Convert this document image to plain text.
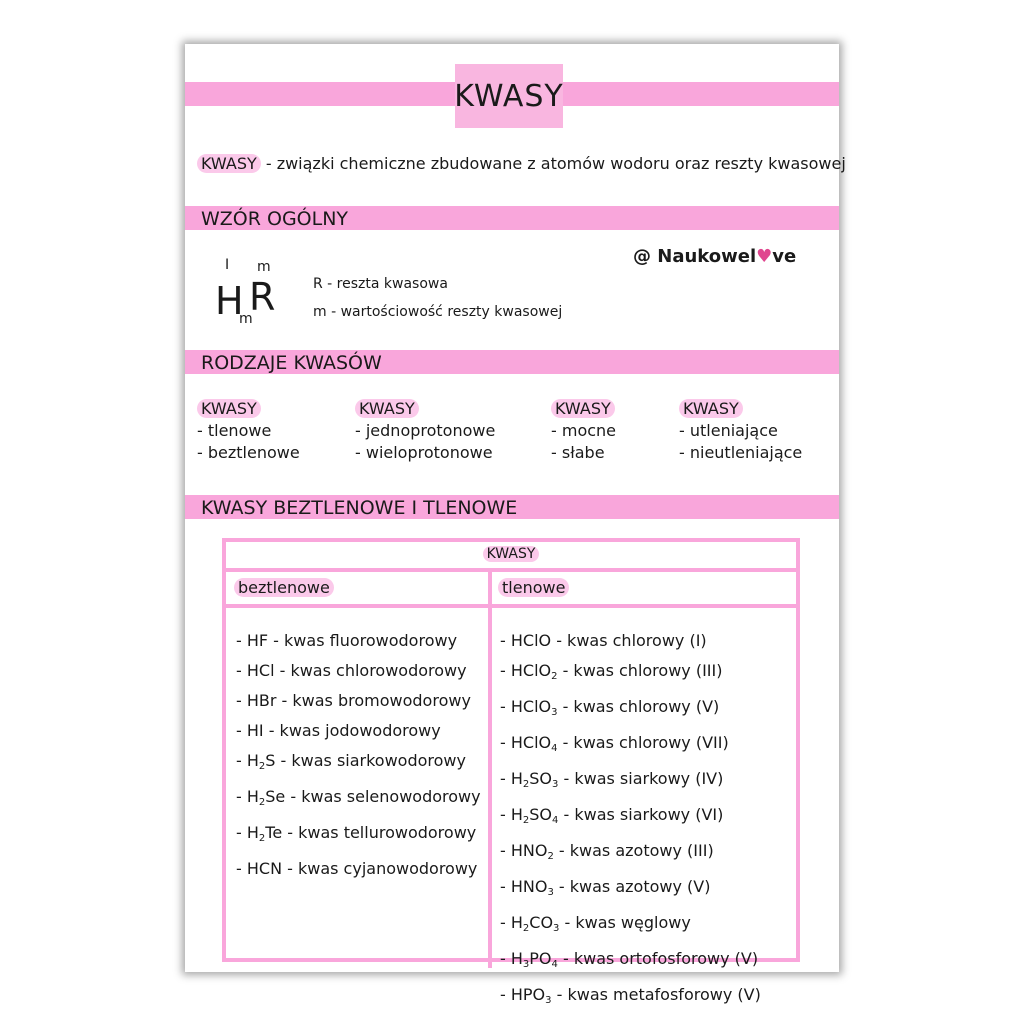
KWASY
KWASY - związki chemiczne zbudowane z atomów wodoru oraz reszty kwasowej
WZÓR OGÓLNY
I m
H
m
R	R - reszta kwasowa
m - wartościowość reszty kwasowej
@ Naukowel♥ve
RODZAJE KWASÓW
KWASY
- tlenowe
- beztlenowe
KWASY
- jednoprotonowe
- wieloprotonowe
KWASY
- mocne
- słabe
KWASY
- utleniające
- nieutleniające
KWASY BEZTLENOWE I TLENOWE
KWASY
beztlenowe	tlenowe
- HF - kwas fluorowodorowy
- HCl - kwas chlorowodorowy
- HBr - kwas bromowodorowy
- HI - kwas jodowodorowy
- $H_2S$ - kwas siarkowodorowy
- $H_2Se$ - kwas selenowodorowy
- $H_2Te$ - kwas tellurowodorowy
- HCN - kwas cyjanowodorowy
- HClO - kwas chlorowy (I)
- HClO$_2$ - kwas chlorowy (III)
- HClO$_3$ - kwas chlorowy (V)
- HClO$_4$ - kwas chlorowy (VII)
- $H_2SO_3$ - kwas siarkowy (IV)
- $H_2SO_4$ - kwas siarkowy (VI)
- $HNO_2$ - kwas azotowy (III)
- $HNO_3$ - kwas azotowy (V)
- $H_2CO_3$ - kwas węglowy
- $H_3PO_4$ - kwas ortofosforowy (V)
- $HPO_3$ - kwas metafosforowy (V)
